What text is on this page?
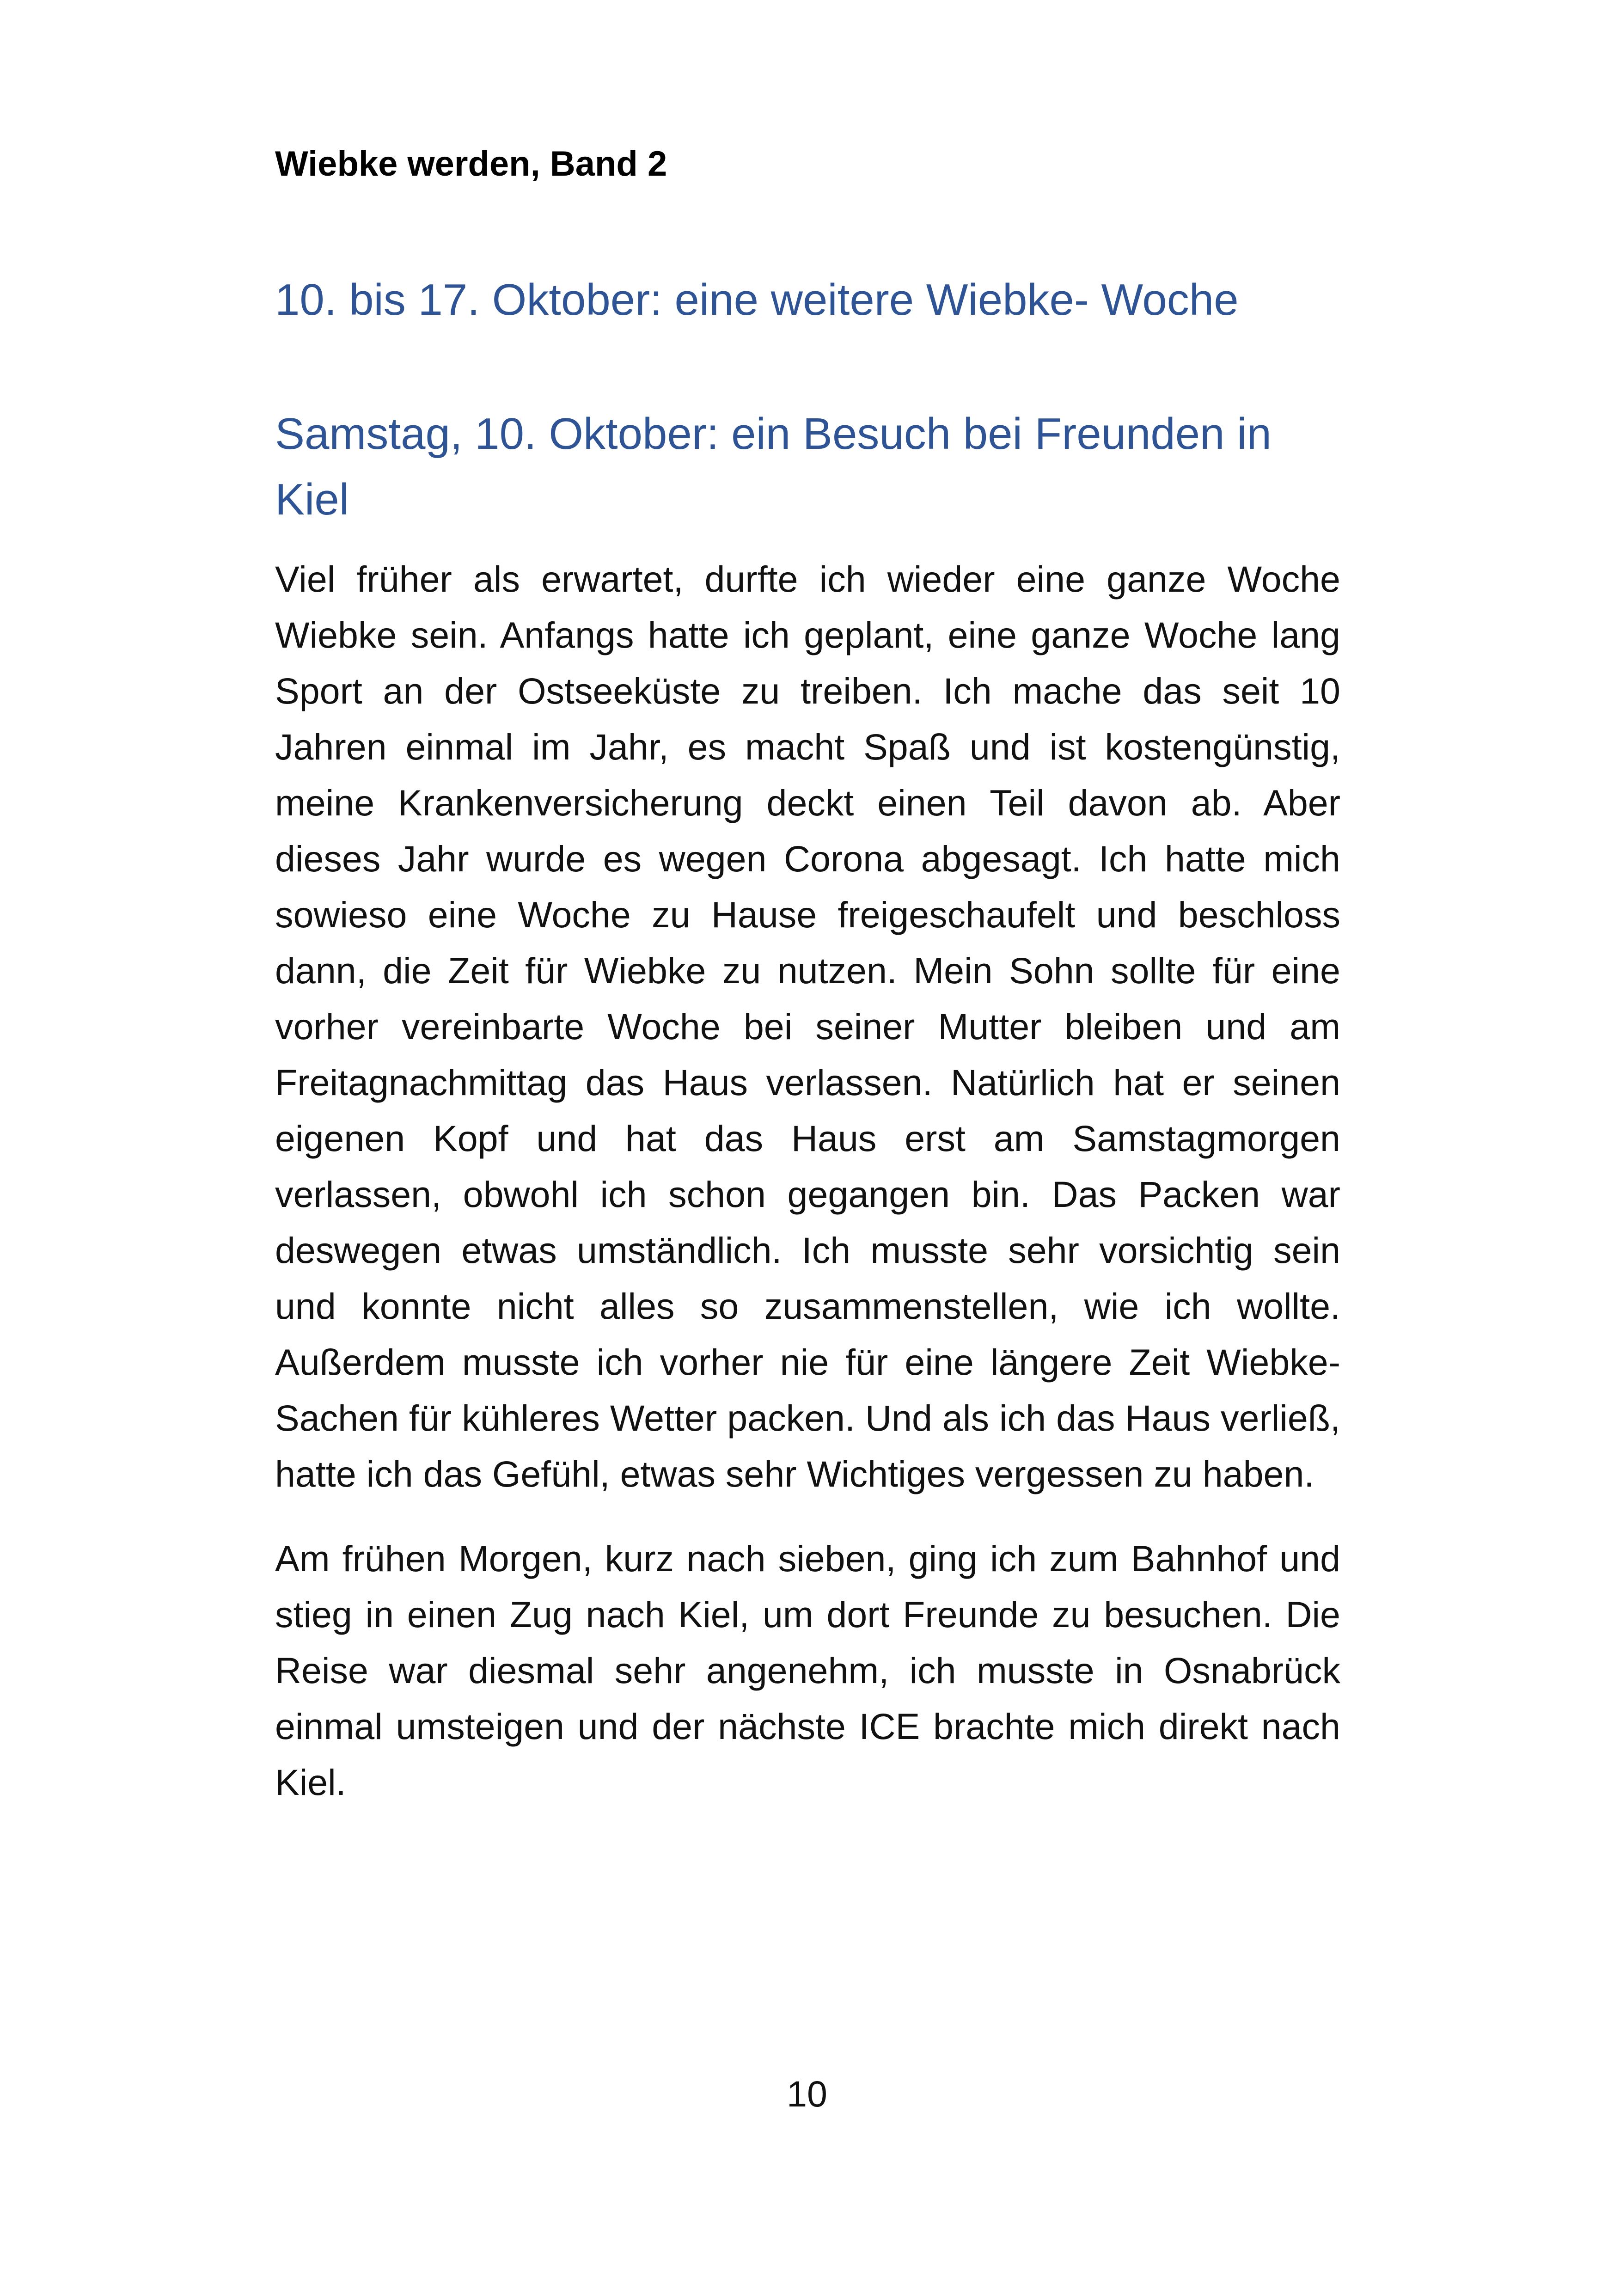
Wiebke werden, Band 2

10. bis 17. Oktober: eine weitere Wiebke- Woche
Samstag, 10. Oktober: ein Besuch bei Freunden in Kiel

Viel früher als erwartet, durfte ich wieder eine ganze Woche Wiebke sein. Anfangs hatte ich geplant, eine ganze Woche lang Sport an der Ostseeküste zu treiben. Ich mache das seit 10 Jahren einmal im Jahr, es macht Spaß und ist kostengünstig, meine Krankenversicherung deckt einen Teil davon ab. Aber dieses Jahr wurde es wegen Corona abgesagt. Ich hatte mich sowieso eine Woche zu Hause freigeschaufelt und beschloss dann, die Zeit für Wiebke zu nutzen. Mein Sohn sollte für eine vorher vereinbarte Woche bei seiner Mutter bleiben und am Freitagnachmittag das Haus verlassen. Natürlich hat er seinen eigenen Kopf und hat das Haus erst am Samstagmorgen verlassen, obwohl ich schon gegangen bin. Das Packen war deswegen etwas umständlich. Ich musste sehr vorsichtig sein und konnte nicht alles so zusammenstellen, wie ich wollte. Außerdem musste ich vorher nie für eine längere Zeit Wiebke- Sachen für kühleres Wetter packen. Und als ich das Haus verließ, hatte ich das Gefühl, etwas sehr Wichtiges vergessen zu haben.

Am frühen Morgen, kurz nach sieben, ging ich zum Bahnhof und stieg in einen Zug nach Kiel, um dort Freunde zu besuchen. Die Reise war diesmal sehr angenehm, ich musste in Osnabrück einmal umsteigen und der nächste ICE brachte mich direkt nach Kiel.

10
